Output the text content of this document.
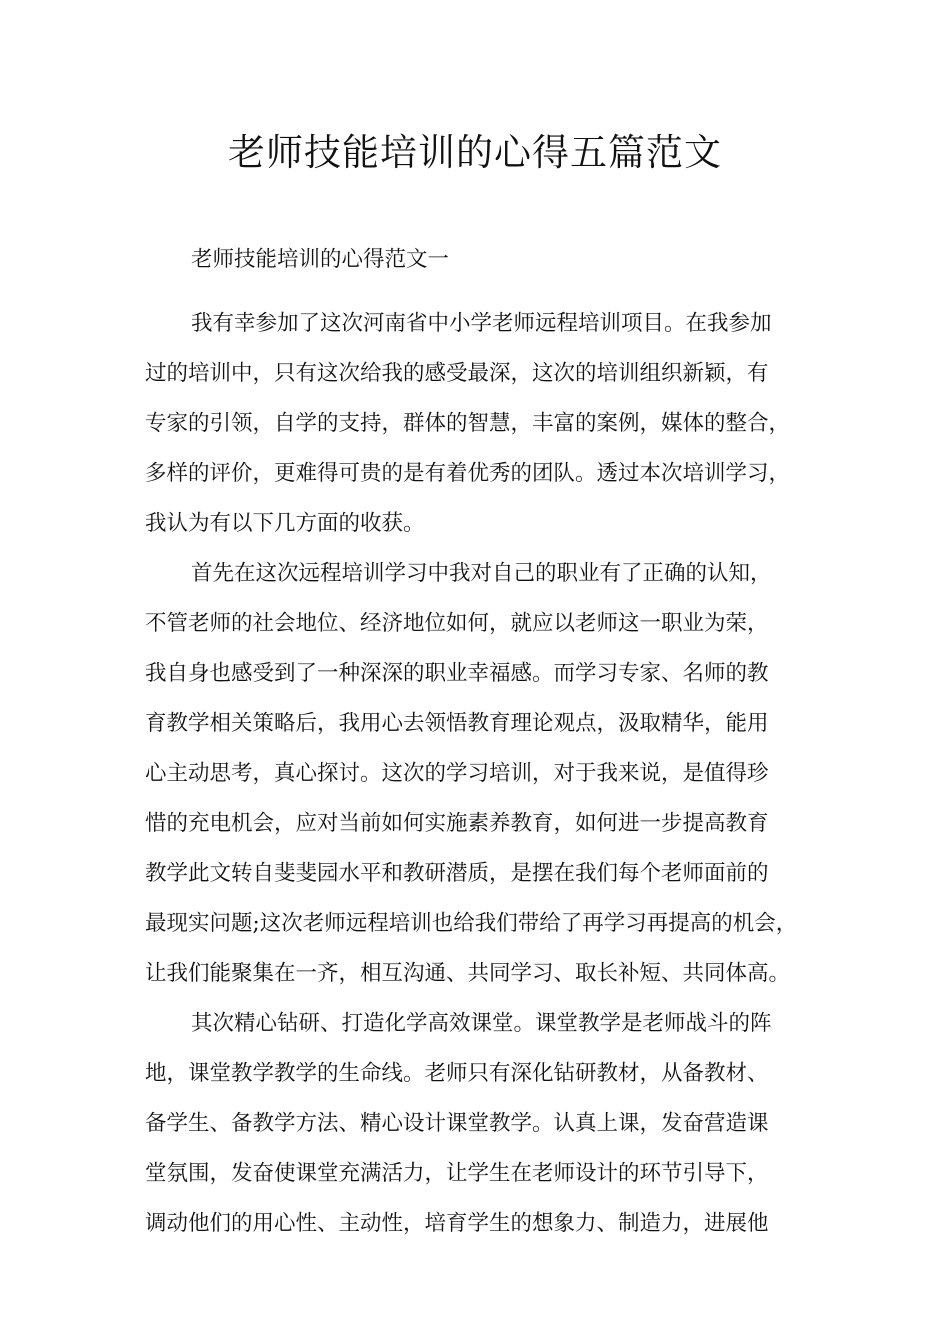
老师技能培训的心得五篇范文
老师技能培训的心得范文一
我有幸参加了这次河南省中小学老师远程培训项目。在我参加
过的培训中，只有这次给我的感受最深，这次的培训组织新颖，有
专家的引领，自学的支持，群体的智慧，丰富的案例，媒体的整合，
多样的评价，更难得可贵的是有着优秀的团队。透过本次培训学习，
我认为有以下几方面的收获。
首先在这次远程培训学习中我对自己的职业有了正确的认知，
不管老师的社会地位、经济地位如何，就应以老师这一职业为荣，
我自身也感受到了一种深深的职业幸福感。而学习专家、名师的教
育教学相关策略后，我用心去领悟教育理论观点，汲取精华，能用
心主动思考，真心探讨。这次的学习培训，对于我来说，是值得珍
惜的充电机会，应对当前如何实施素养教育，如何进一步提高教育
教学此文转自斐斐园水平和教研潜质，是摆在我们每个老师面前的
最现实问题;这次老师远程培训也给我们带给了再学习再提高的机会，
让我们能聚集在一齐，相互沟通、共同学习、取长补短、共同体高。
其次精心钻研、打造化学高效课堂。课堂教学是老师战斗的阵
地，课堂教学教学的生命线。老师只有深化钻研教材，从备教材、
备学生、备教学方法、精心设计课堂教学。认真上课，发奋营造课
堂氛围，发奋使课堂充满活力，让学生在老师设计的环节引导下，
调动他们的用心性、主动性，培育学生的想象力、制造力，进展他
